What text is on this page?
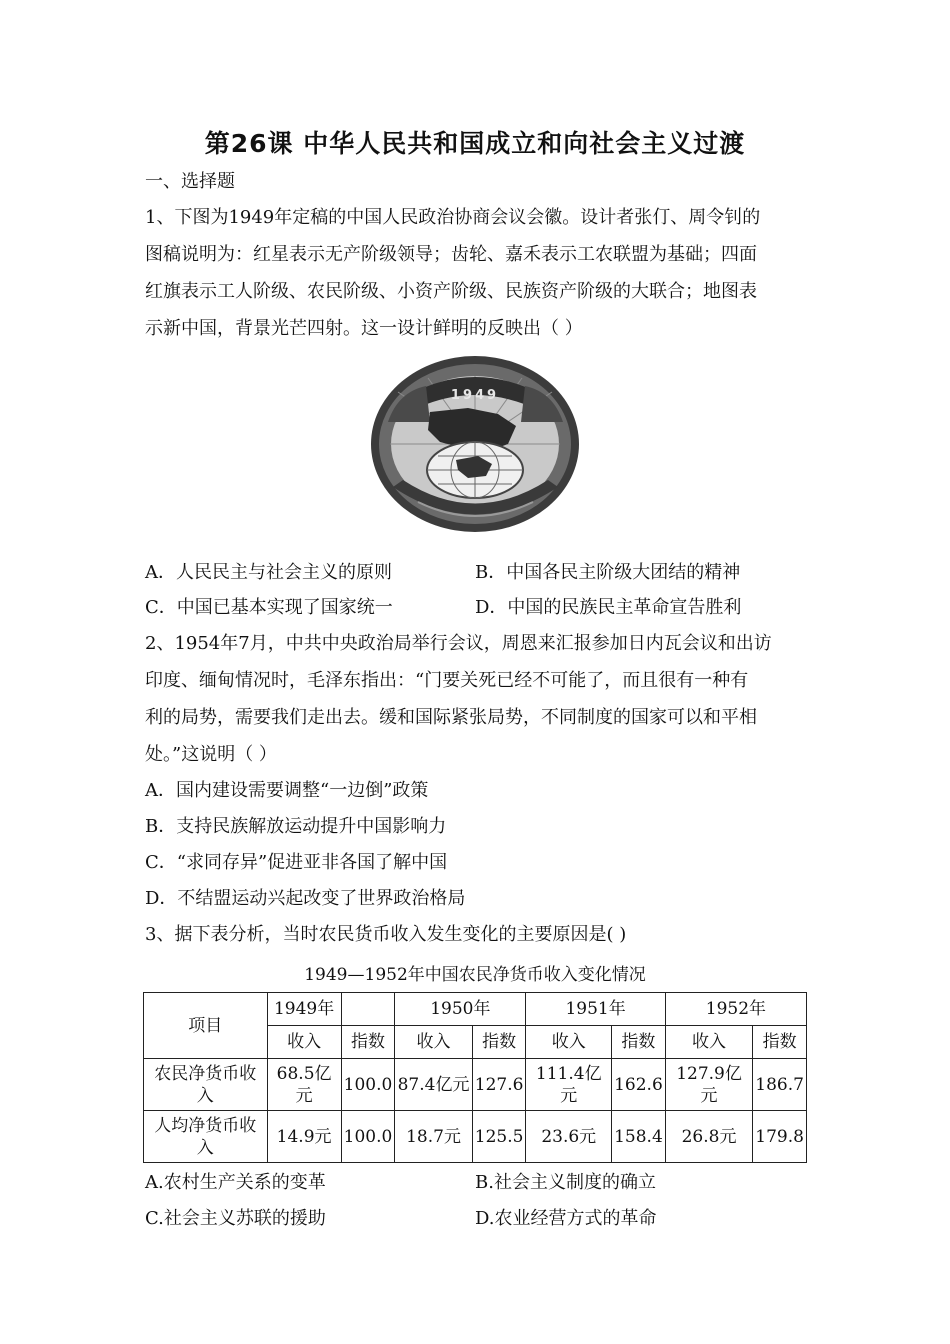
第26课 中华人民共和国成立和向社会主义过渡
一、选择题
1、下图为1949年定稿的中国人民政治协商会议会徽。设计者张仃、周令钊的
图稿说明为：红星表示无产阶级领导；齿轮、嘉禾表示工农联盟为基础；四面
红旗表示工人阶级、农民阶级、小资产阶级、民族资产阶级的大联合；地图表
示新中国，背景光芒四射。这一设计鲜明的反映出（ ）
1949
A．人民民主与社会主义的原则	B．中国各民主阶级大团结的精神
C．中国已基本实现了国家统一	D．中国的民族民主革命宣告胜利
2、1954年7月，中共中央政治局举行会议，周恩来汇报参加日内瓦会议和出访
印度、缅甸情况时，毛泽东指出：“门要关死已经不可能了，而且很有一种有
利的局势，需要我们走出去。缓和国际紧张局势，不同制度的国家可以和平相
处。”这说明（ ）
A．国内建设需要调整“一边倒”政策
B．支持民族解放运动提升中国影响力
C．“求同存异”促进亚非各国了解中国
D．不结盟运动兴起改变了世界政治格局
3、据下表分析，当时农民货币收入发生变化的主要原因是( )
1949—1952年中国农民净货币收入变化情况
项目	1949年		1950年		1951年		1952年	
	收入	指数	收入	指数	收入	指数	收入	指数
农民净货币收入	68.5亿元	100.0	87.4亿元	127.6	111.4亿元	162.6	127.9亿元	186.7
人均净货币收入	14.9元	100.0	18.7元	125.5	23.6元	158.4	26.8元	179.8
A.农村生产关系的变革	B.社会主义制度的确立
C.社会主义苏联的援助	D.农业经营方式的革命
